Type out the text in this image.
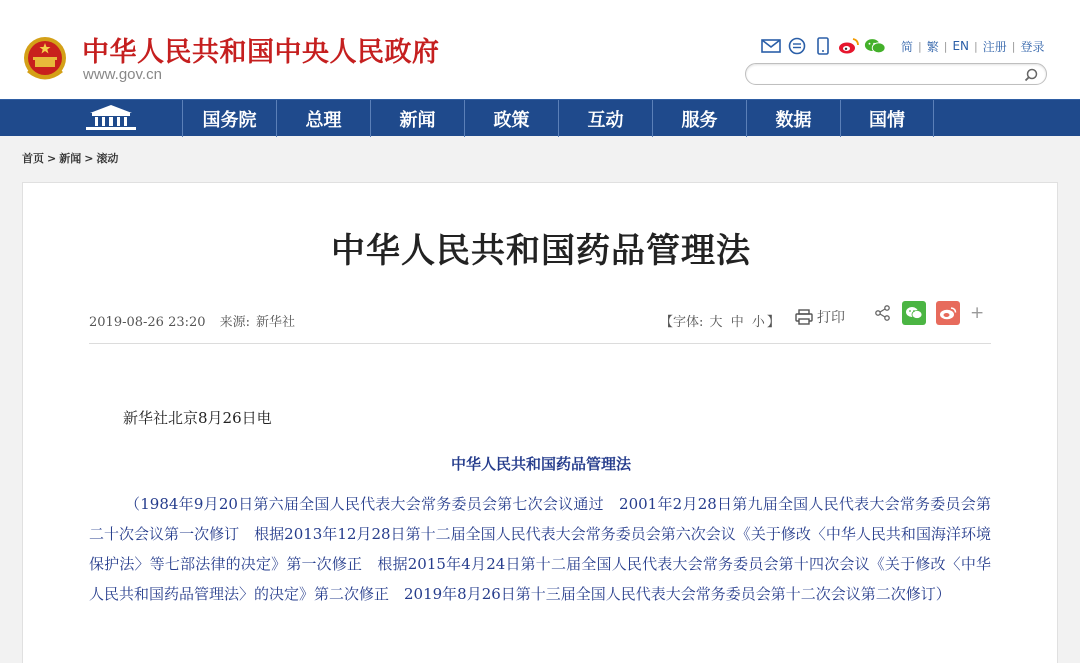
中华人民共和国中央人民政府
www.gov.cn
简 | 繁 | EN | 注册 | 登录
国务院	总理	新闻	政策	互动	服务	数据	国情
首页 > 新闻 > 滚动
中华人民共和国药品管理法
2019-08-26 23:20 来源: 新华社	【字体: 大 中 小 】	打印	+

新华社北京8月26日电

中华人民共和国药品管理法

（1984年9月20日第六届全国人民代表大会常务委员会第七次会议通过　2001年2月28日第九届全国人民代表大会常务委员会第二十次会议第一次修订　根据2013年12月28日第十二届全国人民代表大会常务委员会第六次会议《关于修改〈中华人民共和国海洋环境保护法〉等七部法律的决定》第一次修正　根据2015年4月24日第十二届全国人民代表大会常务委员会第十四次会议《关于修改〈中华人民共和国药品管理法〉的决定》第二次修正　2019年8月26日第十三届全国人民代表大会常务委员会第十二次会议第二次修订）
